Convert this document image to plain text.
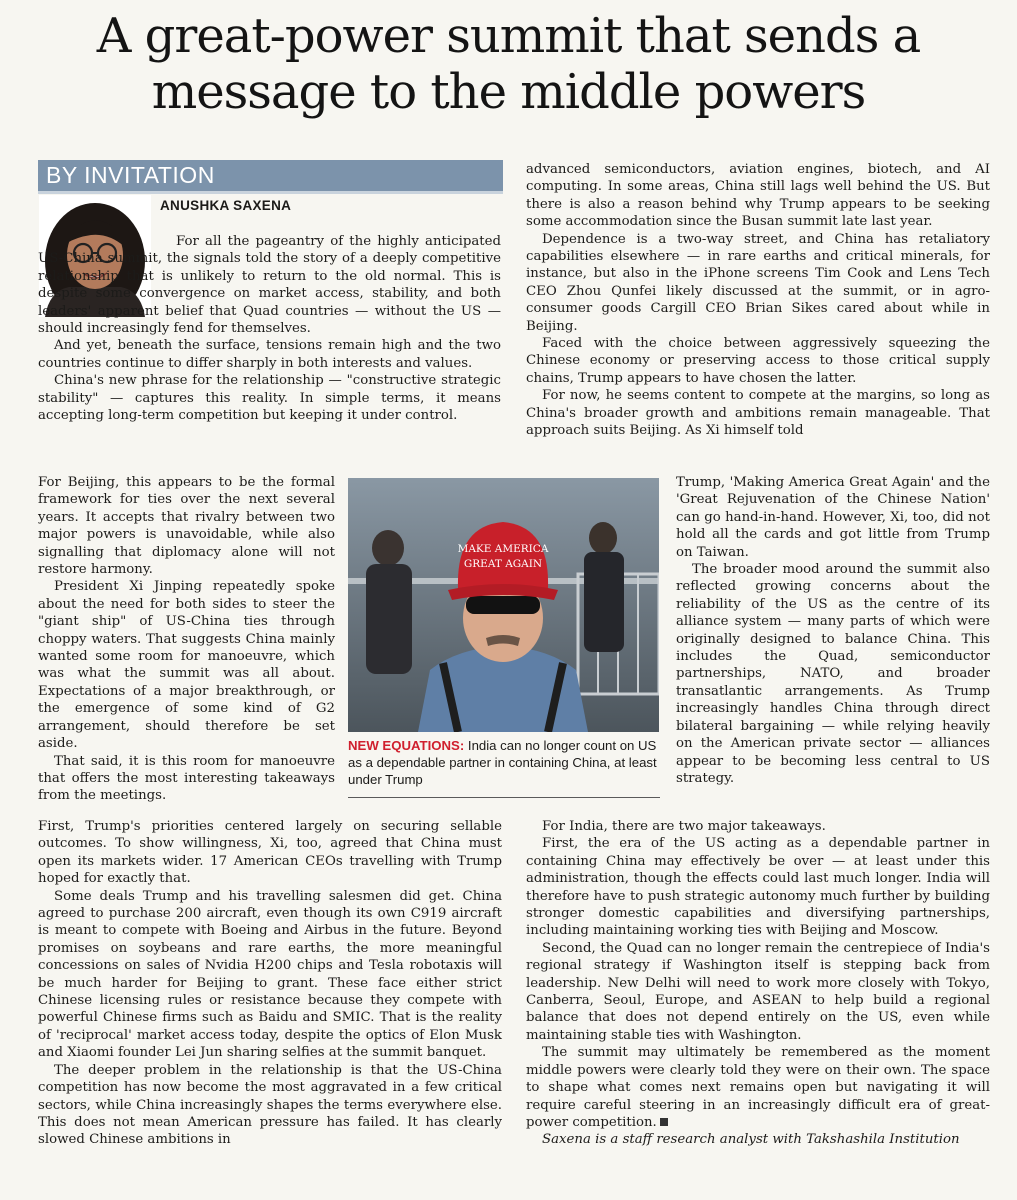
A great-power summit that sends a message to the middle powers
BY INVITATION
ANUSHKA SAXENA

For all the pageantry of the highly anticipated US-China summit, the signals told the story of a deeply competitive relationship that is unlikely to return to the old normal. This is despite some convergence on market access, stability, and both leaders' apparent belief that Quad countries — without the US — should increasingly fend for themselves.

And yet, beneath the surface, tensions remain high and the two countries continue to differ sharply in both interests and values.

China's new phrase for the relationship — "constructive strategic stability" — captures this reality. In simple terms, it means accepting long-term competition but keeping it under control.

For Beijing, this appears to be the formal framework for ties over the next several years. It accepts that rivalry between two major powers is unavoidable, while also signalling that diplomacy alone will not restore harmony.

President Xi Jinping repeatedly spoke about the need for both sides to steer the "giant ship" of US-China ties through choppy waters. That suggests China mainly wanted some room for manoeuvre, which was what the summit was all about. Expectations of a major breakthrough, or the emergence of some kind of G2 arrangement, should therefore be set aside.

That said, it is this room for manoeuvre that offers the most interesting takeaways from the meetings.

First, Trump's priorities centered largely on securing sellable outcomes. To show willingness, Xi, too, agreed that China must open its markets wider. 17 American CEOs travelling with Trump hoped for exactly that.

Some deals Trump and his travelling salesmen did get. China agreed to purchase 200 aircraft, even though its own C919 aircraft is meant to compete with Boeing and Airbus in the future. Beyond promises on soybeans and rare earths, the more meaningful concessions on sales of Nvidia H200 chips and Tesla robotaxis will be much harder for Beijing to grant. These face either strict Chinese licensing rules or resistance because they compete with powerful Chinese firms such as Baidu and SMIC. That is the reality of 'reciprocal' market access today, despite the optics of Elon Musk and Xiaomi founder Lei Jun sharing selfies at the summit banquet.

The deeper problem in the relationship is that the US-China competition has now become the most aggravated in a few critical sectors, while China increasingly shapes the terms everywhere else. This does not mean American pressure has failed. It has clearly slowed Chinese ambitions in

advanced semiconductors, aviation engines, biotech, and AI computing. In some areas, China still lags well behind the US. But there is also a reason behind why Trump appears to be seeking some accommodation since the Busan summit late last year.

Dependence is a two-way street, and China has retaliatory capabilities elsewhere — in rare earths and critical minerals, for instance, but also in the iPhone screens Tim Cook and Lens Tech CEO Zhou Qunfei likely discussed at the summit, or in agro-consumer goods Cargill CEO Brian Sikes cared about while in Beijing.

Faced with the choice between aggressively squeezing the Chinese economy or preserving access to those critical supply chains, Trump appears to have chosen the latter.

For now, he seems content to compete at the margins, so long as China's broader growth and ambitions remain manageable. That approach suits Beijing. As Xi himself told

Trump, 'Making America Great Again' and the 'Great Rejuvenation of the Chinese Nation' can go hand-in-hand. However, Xi, too, did not hold all the cards and got little from Trump on Taiwan.

The broader mood around the summit also reflected growing concerns about the reliability of the US as the centre of its alliance system — many parts of which were originally designed to balance China. This includes the Quad, semiconductor partnerships, NATO, and broader transatlantic arrangements. As Trump increasingly handles China through direct bilateral bargaining — while relying heavily on the American private sector — alliances appear to be becoming less central to US strategy.

For India, there are two major takeaways.

First, the era of the US acting as a dependable partner in containing China may effectively be over — at least under this administration, though the effects could last much longer. India will therefore have to push strategic autonomy much further by building stronger domestic capabilities and diversifying partnerships, including maintaining working ties with Beijing and Moscow.

Second, the Quad can no longer remain the centrepiece of India's regional strategy if Washington itself is stepping back from leadership. New Delhi will need to work more closely with Tokyo, Canberra, Seoul, Europe, and ASEAN to help build a regional balance that does not depend entirely on the US, even while maintaining stable ties with Washington.

The summit may ultimately be remembered as the moment middle powers were clearly told they were on their own. The space to shape what comes next remains open but navigating it will require careful steering in an increasingly difficult era of great-power competition.

Saxena is a staff research analyst with Takshashila Institution

MAKE AMERICA
GREAT AGAIN
NEW EQUATIONS: India can no longer count on US as a dependable partner in containing China, at least under Trump
